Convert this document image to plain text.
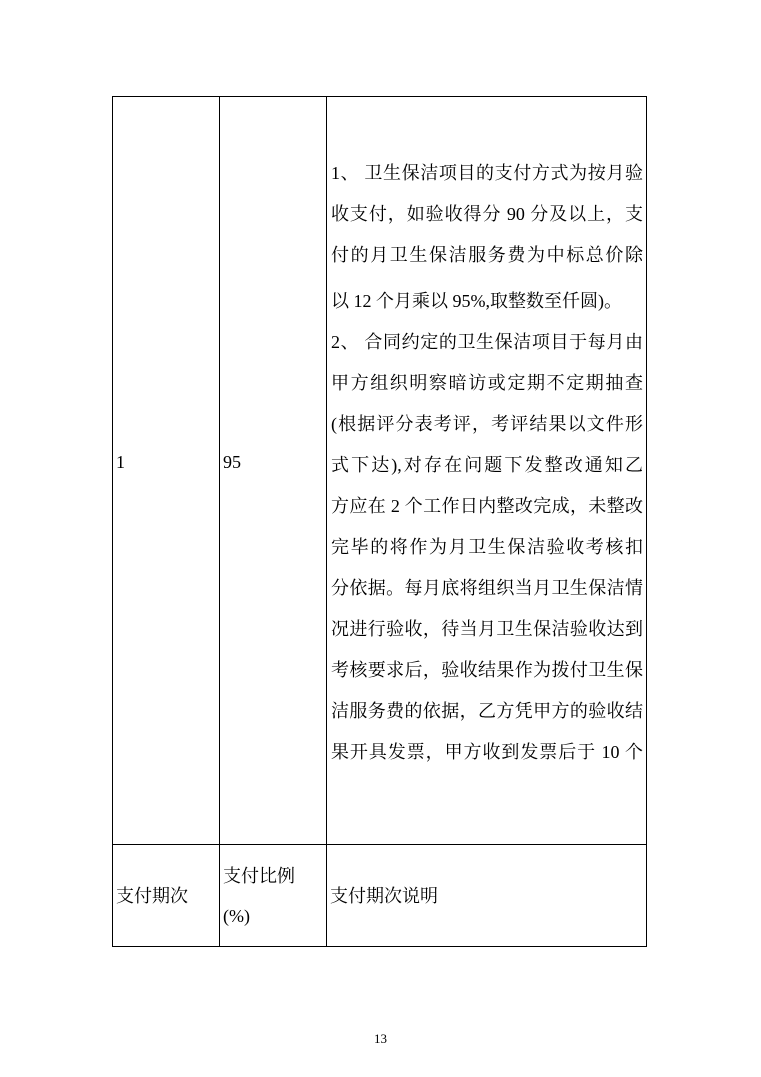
1	95
1、 卫生保洁项目的支付方式为按月验
收支付，如验收得分 90 分及以上，支
付的月卫生保洁服务费为中标总价除
以 12 个月乘以 95%,取整数至仟圆)。
2、 合同约定的卫生保洁项目于每月由
甲方组织明察暗访或定期不定期抽查
(根据评分表考评，考评结果以文件形
式下达),对存在问题下发整改通知乙
方应在 2 个工作日内整改完成，未整改
完毕的将作为月卫生保洁验收考核扣
分依据。每月底将组织当月卫生保洁情
况进行验收，待当月卫生保洁验收达到
考核要求后，验收结果作为拨付卫生保
洁服务费的依据，乙方凭甲方的验收结
果开具发票，甲方收到发票后于 10 个
支付期次
支付比例
(%)
支付期次说明
13
